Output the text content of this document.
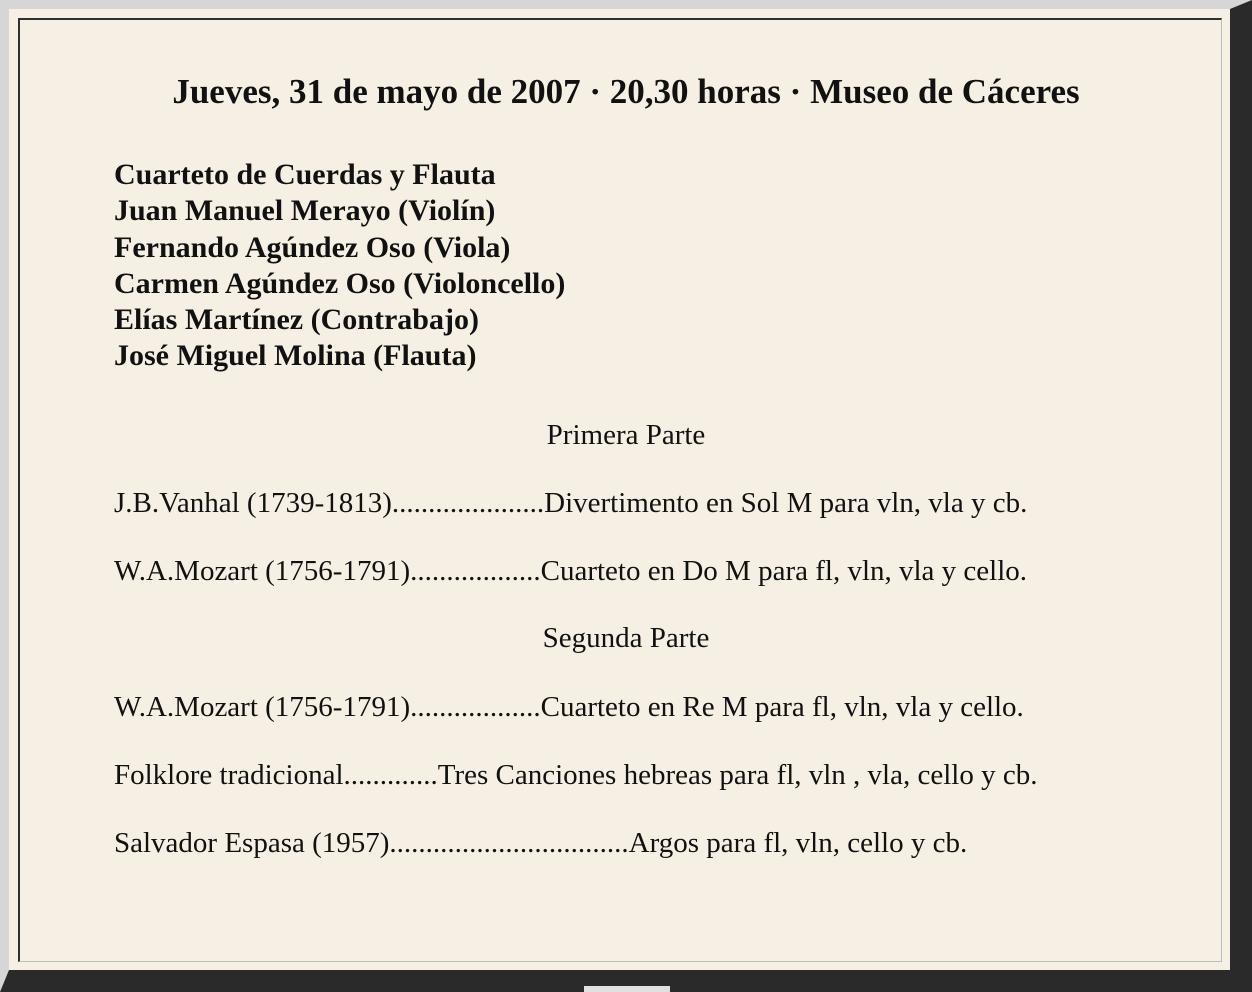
Jueves, 31 de mayo de 2007 · 20,30 horas · Museo de Cáceres
Cuarteto de Cuerdas y Flauta
Juan Manuel Merayo (Violín)
Fernando Agúndez Oso (Viola)
Carmen Agúndez Oso (Violoncello)
Elías Martínez (Contrabajo)
José Miguel Molina (Flauta)
Primera Parte
J.B.Vanhal (1739-1813).....................Divertimento en Sol M para vln, vla y cb.
W.A.Mozart (1756-1791)..................Cuarteto en Do M para fl, vln, vla y cello.
Segunda Parte
W.A.Mozart (1756-1791)..................Cuarteto en Re M para fl, vln, vla y cello.
Folklore tradicional.............Tres Canciones hebreas para fl, vln , vla, cello y cb.
Salvador Espasa (1957).................................Argos para fl, vln, cello y cb.
